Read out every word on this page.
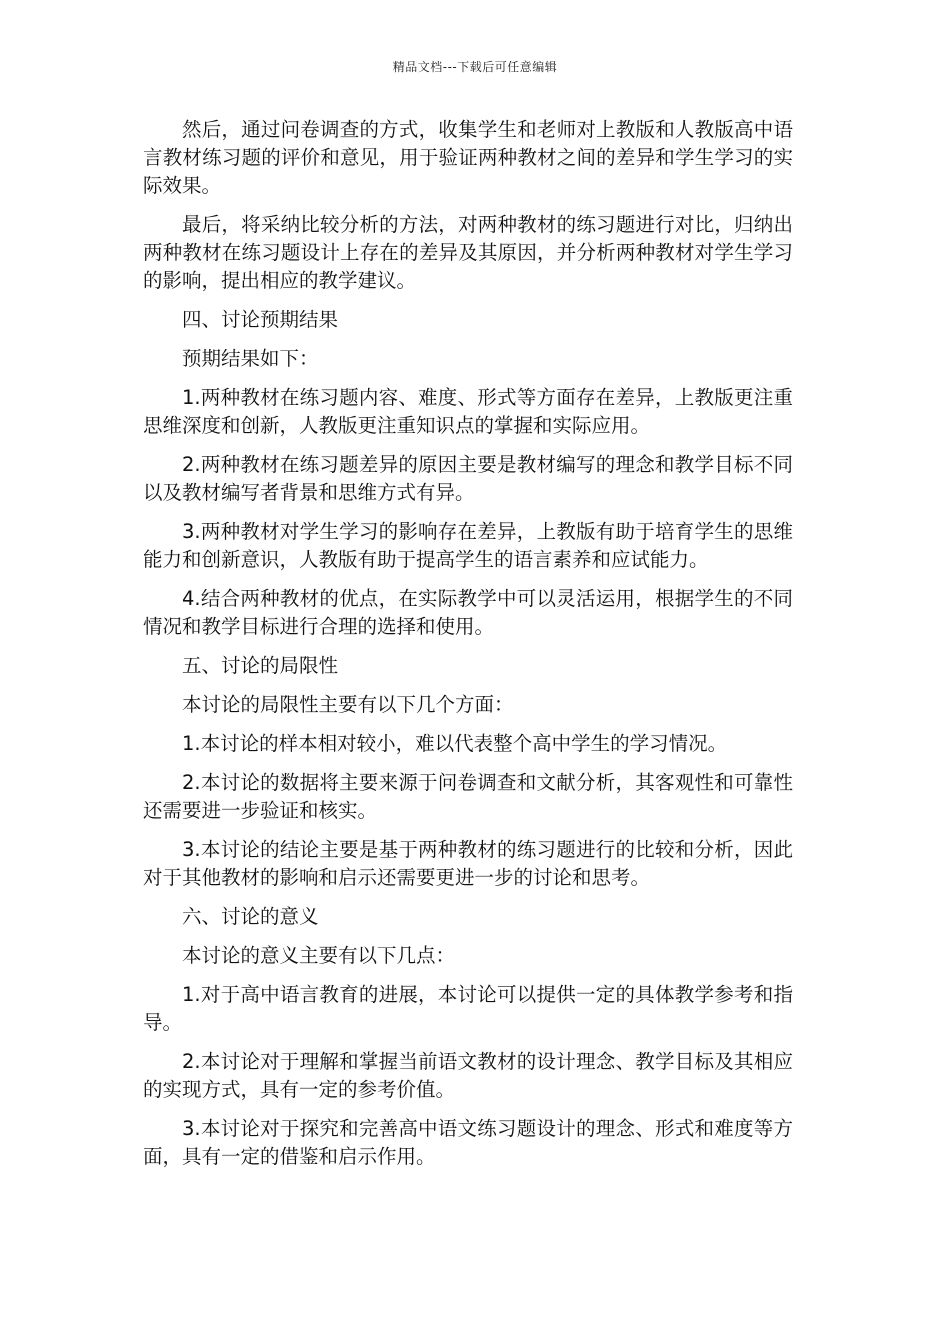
精品文档---下载后可任意编辑

然后，通过问卷调查的方式，收集学生和老师对上教版和人教版高中语言教材练习题的评价和意见，用于验证两种教材之间的差异和学生学习的实际效果。

最后，将采纳比较分析的方法，对两种教材的练习题进行对比，归纳出两种教材在练习题设计上存在的差异及其原因，并分析两种教材对学生学习的影响，提出相应的教学建议。

四、讨论预期结果

预期结果如下：

1.两种教材在练习题内容、难度、形式等方面存在差异，上教版更注重思维深度和创新，人教版更注重知识点的掌握和实际应用。

2.两种教材在练习题差异的原因主要是教材编写的理念和教学目标不同以及教材编写者背景和思维方式有异。

3.两种教材对学生学习的影响存在差异，上教版有助于培育学生的思维能力和创新意识，人教版有助于提高学生的语言素养和应试能力。

4.结合两种教材的优点，在实际教学中可以灵活运用，根据学生的不同情况和教学目标进行合理的选择和使用。

五、讨论的局限性

本讨论的局限性主要有以下几个方面：

1.本讨论的样本相对较小，难以代表整个高中学生的学习情况。

2.本讨论的数据将主要来源于问卷调查和文献分析，其客观性和可靠性还需要进一步验证和核实。

3.本讨论的结论主要是基于两种教材的练习题进行的比较和分析，因此对于其他教材的影响和启示还需要更进一步的讨论和思考。

六、讨论的意义

本讨论的意义主要有以下几点：

1.对于高中语言教育的进展，本讨论可以提供一定的具体教学参考和指导。

2.本讨论对于理解和掌握当前语文教材的设计理念、教学目标及其相应的实现方式，具有一定的参考价值。

3.本讨论对于探究和完善高中语文练习题设计的理念、形式和难度等方面，具有一定的借鉴和启示作用。
